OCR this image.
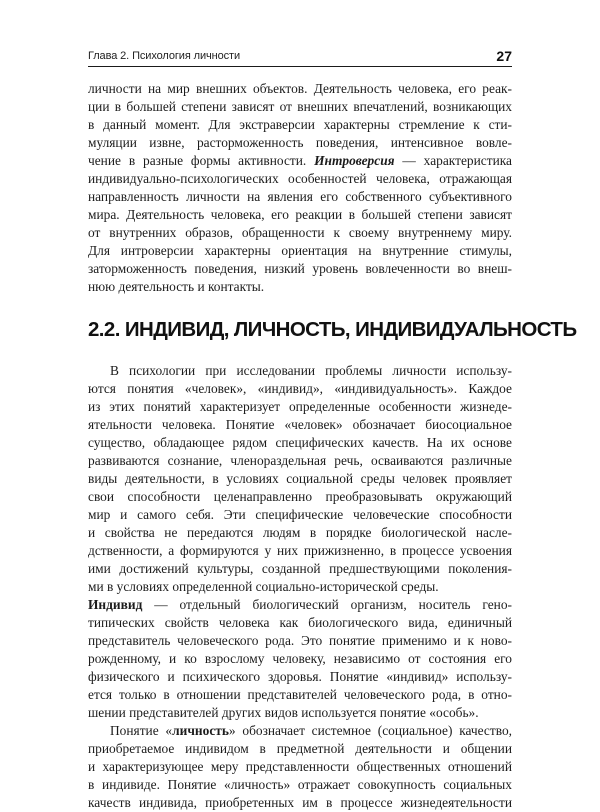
Глава 2. Психология личности	27

личности на мир внешних объектов. Деятельность человека, его реак-
ции в большей степени зависят от внешних впечатлений, возникающих
в данный момент. Для экстраверсии характерны стремление к сти-
муляции извне, расторможенность поведения, интенсивное вовле-
чение в разные формы активности. Интроверсия — характеристика
индивидуально-психологических особенностей человека, отражающая
направленность личности на явления его собственного субъективного
мира. Деятельность человека, его реакции в большей степени зависят
от внутренних образов, обращенности к своему внутреннему миру.
Для интроверсии характерны ориентация на внутренние стимулы,
заторможенность поведения, низкий уровень вовлеченности во внеш-
нюю деятельность и контакты.

2.2. ИНДИВИД, ЛИЧНОСТЬ, ИНДИВИДУАЛЬНОСТЬ

В психологии при исследовании проблемы личности использу-
ются понятия «человек», «индивид», «индивидуальность». Каждое
из этих понятий характеризует определенные особенности жизнеде-
ятельности человека. Понятие «человек» обозначает биосоциальное
существо, обладающее рядом специфических качеств. На их основе
развиваются сознание, членораздельная речь, осваиваются различные
виды деятельности, в условиях социальной среды человек проявляет
свои способности целенаправленно преобразовывать окружающий
мир и самого себя. Эти специфические человеческие способности
и свойства не передаются людям в порядке биологической насле-
дственности, а формируются у них прижизненно, в процессе усвоения
ими достижений культуры, созданной предшествующими поколения-
ми в условиях определенной социально-исторической среды.

Индивид — отдельный биологический организм, носитель гено-
типических свойств человека как биологического вида, единичный
представитель человеческого рода. Это понятие применимо и к ново-
рожденному, и ко взрослому человеку, независимо от состояния его
физического и психического здоровья. Понятие «индивид» использу-
ется только в отношении представителей человеческого рода, в отно-
шении представителей других видов используется понятие «особь».

Понятие «личность» обозначает системное (социальное) качество,
приобретаемое индивидом в предметной деятельности и общении
и характеризующее меру представленности общественных отношений
в индивиде. Понятие «личность» отражает совокупность социальных
качеств индивида, приобретенных им в процессе жизнедеятельности
